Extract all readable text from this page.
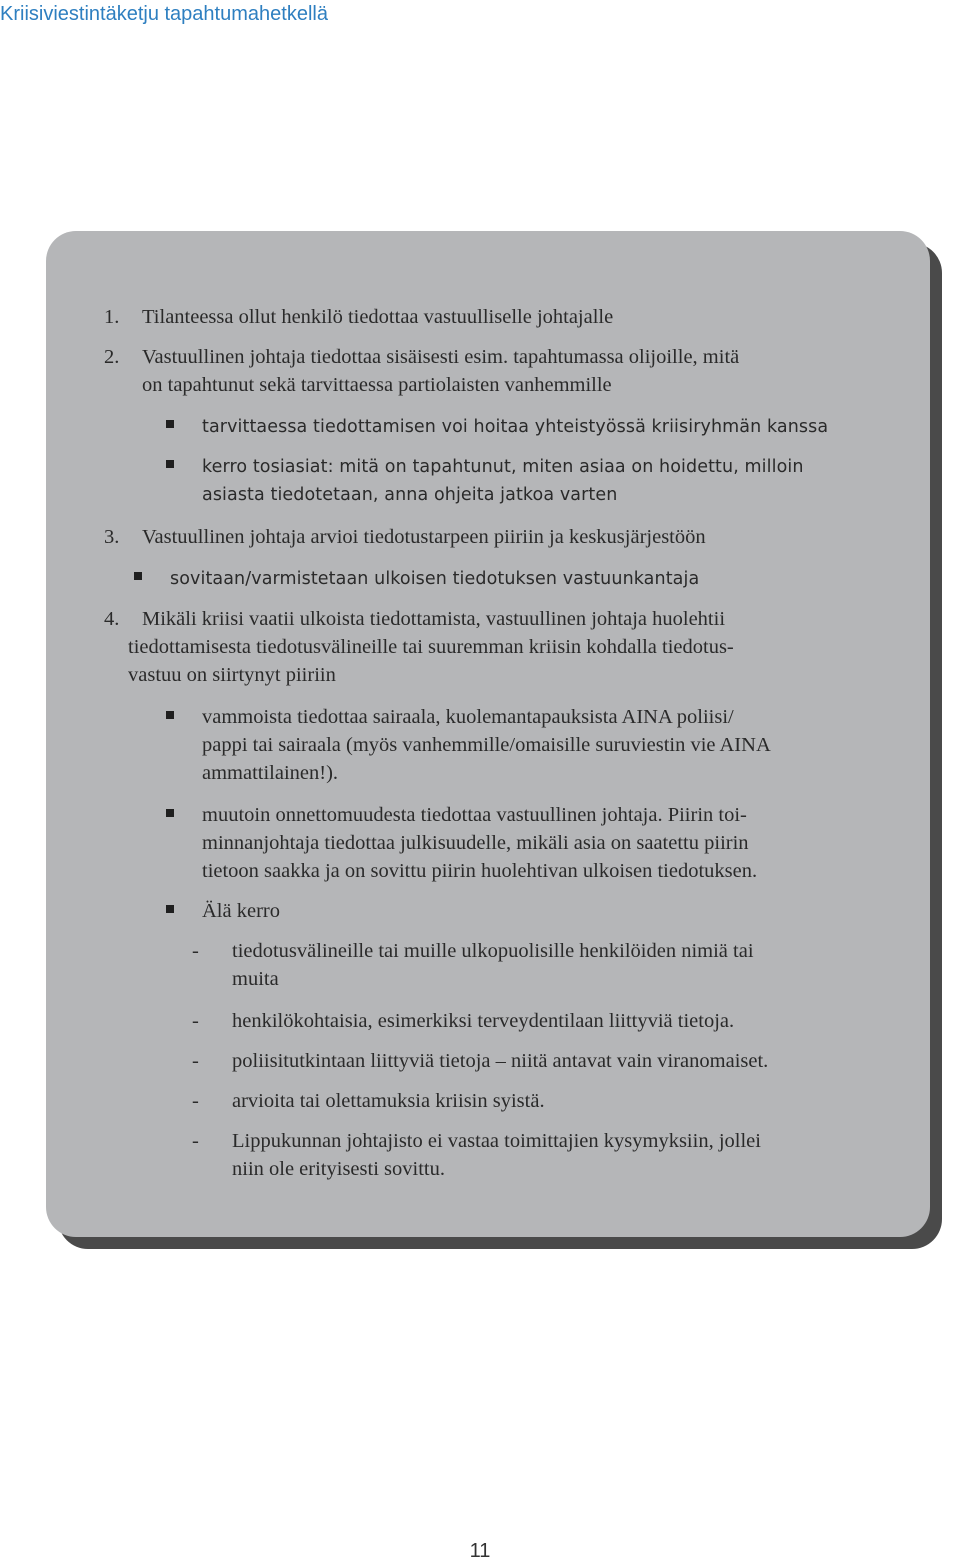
Kriisiviestintäketju tapahtumahetkellä
1. Tilanteessa ollut henkilö tiedottaa vastuulliselle johtajalle
2. Vastuullinen johtaja tiedottaa sisäisesti esim. tapahtumassa olijoille, mitä
on tapahtunut sekä tarvittaessa partiolaisten vanhemmille
tarvittaessa tiedottamisen voi hoitaa yhteistyössä kriisiryhmän kanssa
kerro tosiasiat: mitä on tapahtunut, miten asiaa on hoidettu, milloin
asiasta tiedotetaan, anna ohjeita jatkoa varten
3. Vastuullinen johtaja arvioi tiedotustarpeen piiriin ja keskusjärjestöön
sovitaan/varmistetaan ulkoisen tiedotuksen vastuunkantaja
4. Mikäli kriisi vaatii ulkoista tiedottamista, vastuullinen johtaja huolehtii
tiedottamisesta tiedotusvälineille tai suuremman kriisin kohdalla tiedotus-
vastuu on siirtynyt piiriin
vammoista tiedottaa sairaala, kuolemantapauksista AINA poliisi/
pappi tai sairaala (myös vanhemmille/omaisille suruviestin vie AINA
ammattilainen!).
muutoin onnettomuudesta tiedottaa vastuullinen johtaja. Piirin toi-
minnanjohtaja tiedottaa julkisuudelle, mikäli asia on saatettu piirin
tietoon saakka ja on sovittu piirin huolehtivan ulkoisen tiedotuksen.
Älä kerro
- tiedotusvälineille tai muille ulkopuolisille henkilöiden nimiä tai
muita
- henkilökohtaisia, esimerkiksi terveydentilaan liittyviä tietoja.
- poliisitutkintaan liittyviä tietoja – niitä antavat vain viranomaiset.
- arvioita tai olettamuksia kriisin syistä.
- Lippukunnan johtajisto ei vastaa toimittajien kysymyksiin, jollei
niin ole erityisesti sovittu.
11
